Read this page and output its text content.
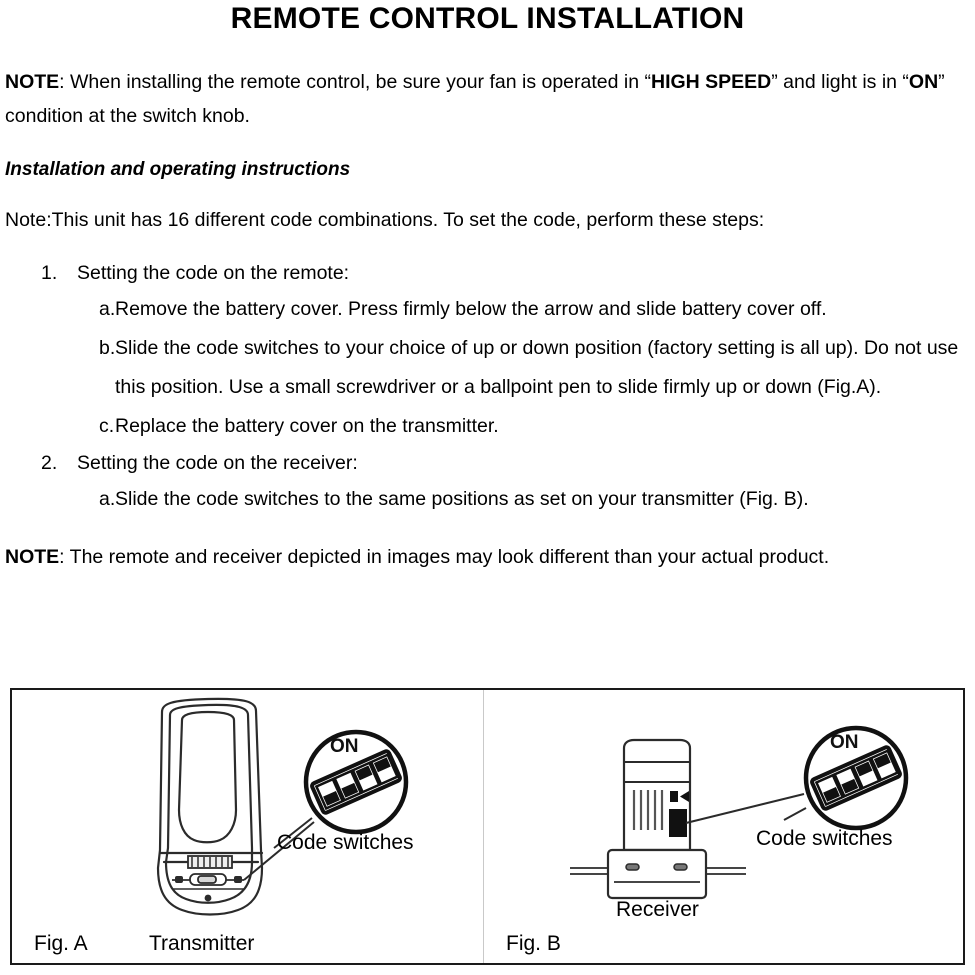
REMOTE CONTROL INSTALLATION

NOTE: When installing the remote control, be sure your fan is operated in “HIGH SPEED” and light is in “ON” condition at the switch knob.

Installation and operating instructions

Note:This unit has 16 different code combinations. To set the code, perform these steps:

1. Setting the code on the remote:
a. Remove the battery cover. Press firmly below the arrow and slide battery cover off.
b. Slide the code switches to your choice of up or down position (factory setting is all up). Do not use this position. Use a small screwdriver or a ballpoint pen to slide firmly up or down (Fig.A).
c. Replace the battery cover on the transmitter.
2. Setting the code on the receiver:
a. Slide the code switches to the same positions as set on your transmitter (Fig. B).

NOTE: The remote and receiver depicted in images may look different than your actual product.

ON
Fig. A	Transmitter
Code switches
ON
Fig. B
Receiver
Code switches
